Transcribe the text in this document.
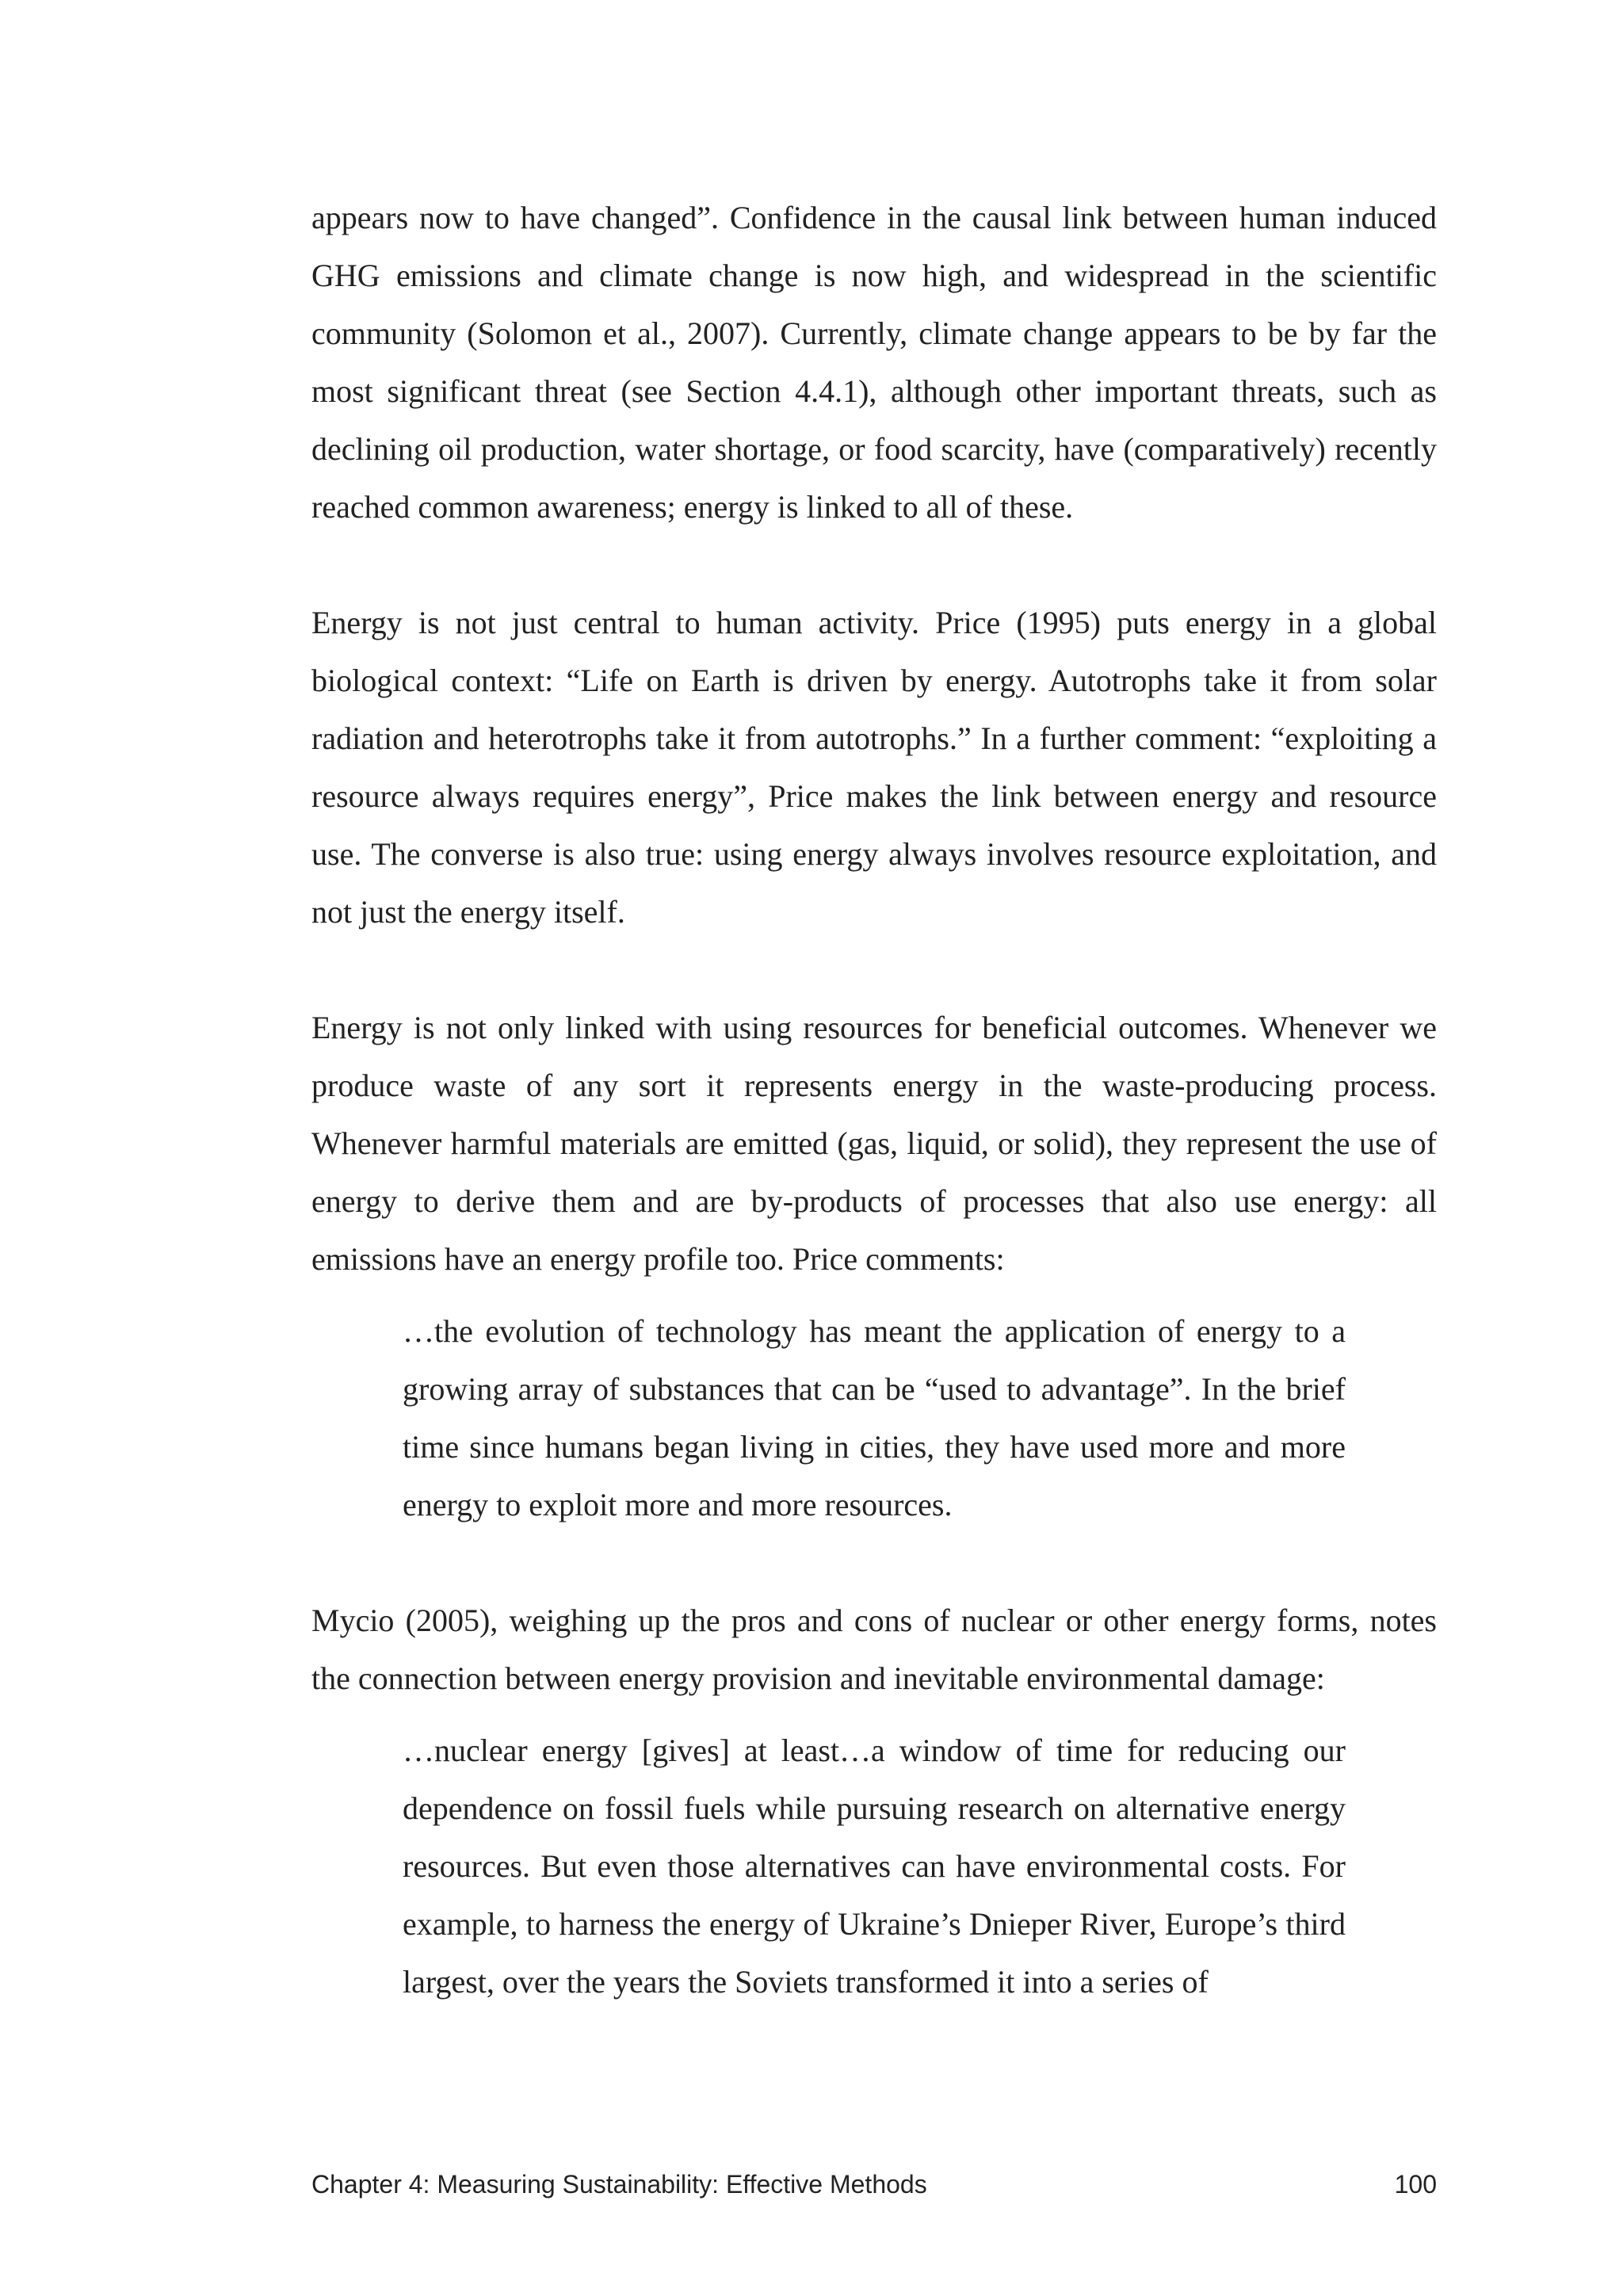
appears now to have changed”. Confidence in the causal link between human induced GHG emissions and climate change is now high, and widespread in the scientific community (Solomon et al., 2007). Currently, climate change appears to be by far the most significant threat (see Section 4.4.1), although other important threats, such as declining oil production, water shortage, or food scarcity, have (comparatively) recently reached common awareness; energy is linked to all of these.

Energy is not just central to human activity. Price (1995) puts energy in a global biological context: “Life on Earth is driven by energy. Autotrophs take it from solar radiation and heterotrophs take it from autotrophs.” In a further comment: “exploiting a resource always requires energy”, Price makes the link between energy and resource use. The converse is also true: using energy always involves resource exploitation, and not just the energy itself.

Energy is not only linked with using resources for beneficial outcomes. Whenever we produce waste of any sort it represents energy in the waste-producing process. Whenever harmful materials are emitted (gas, liquid, or solid), they represent the use of energy to derive them and are by-products of processes that also use energy: all emissions have an energy profile too. Price comments:

…the evolution of technology has meant the application of energy to a growing array of substances that can be “used to advantage”. In the brief time since humans began living in cities, they have used more and more energy to exploit more and more resources.

Mycio (2005), weighing up the pros and cons of nuclear or other energy forms, notes the connection between energy provision and inevitable environmental damage:

…nuclear energy [gives] at least…a window of time for reducing our dependence on fossil fuels while pursuing research on alternative energy resources. But even those alternatives can have environmental costs. For example, to harness the energy of Ukraine’s Dnieper River, Europe’s third largest, over the years the Soviets transformed it into a series of

Chapter 4: Measuring Sustainability: Effective Methods	100
